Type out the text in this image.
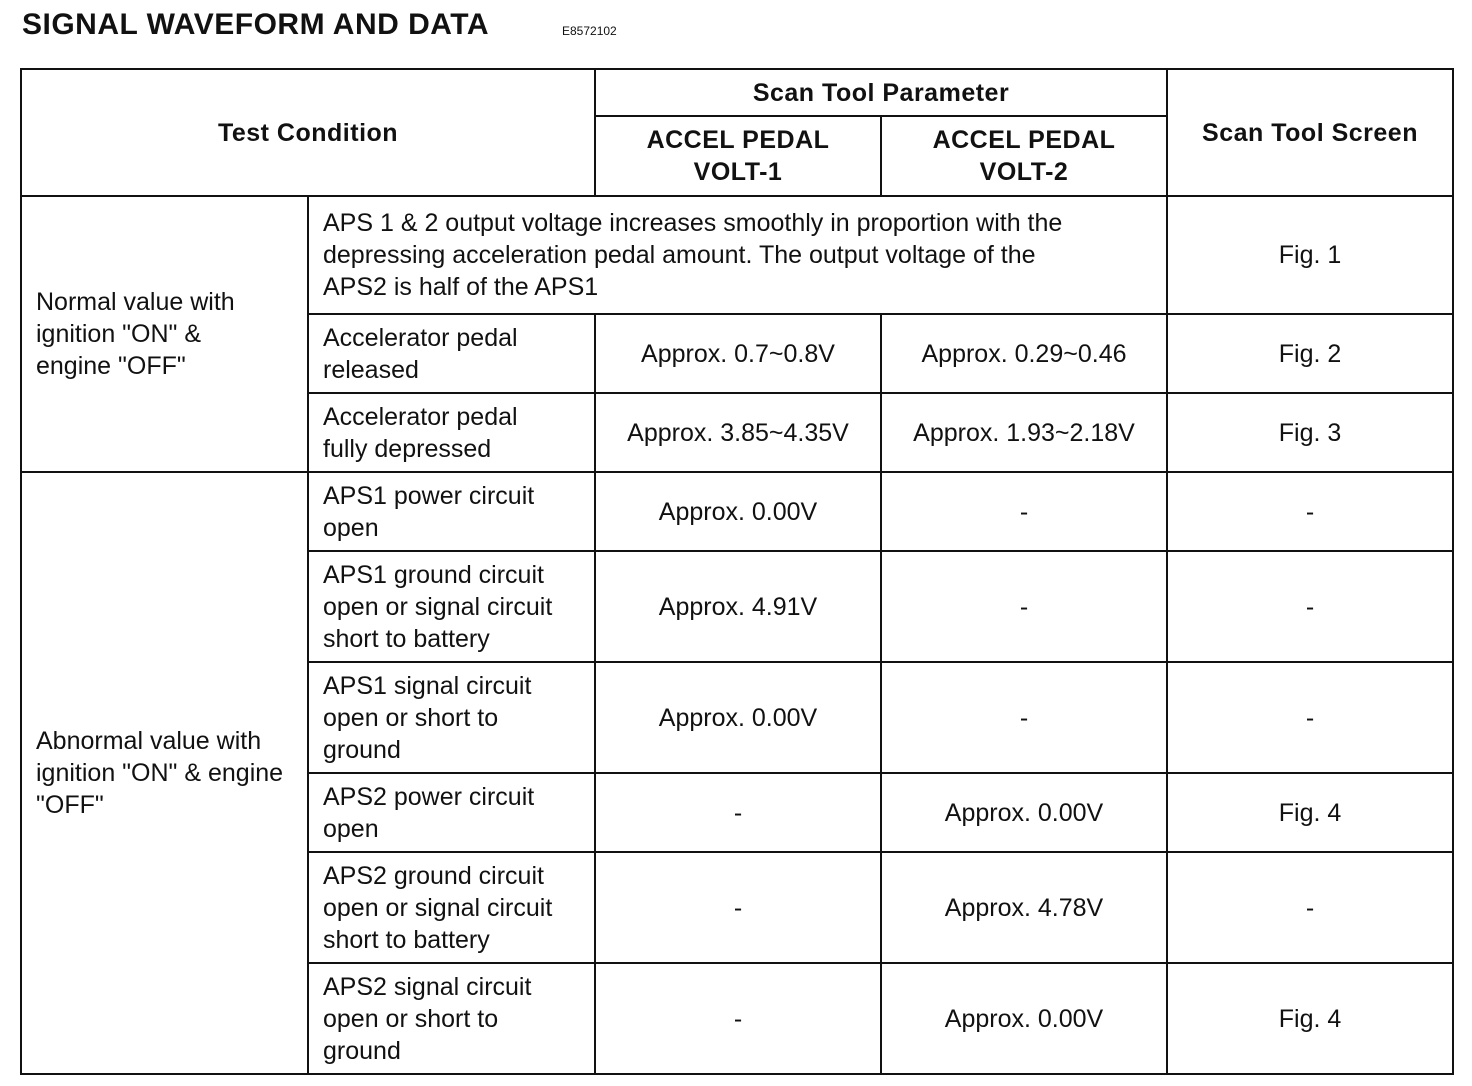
SIGNAL WAVEFORM AND DATA	E8572102
Test Condition		Scan Tool Parameter		Scan Tool Screen

		ACCEL PEDAL VOLT-1	ACCEL PEDAL VOLT-2	

Normal value with ignition "ON" & engine "OFF"	APS 1 & 2 output voltage increases smoothly in proportion with the depressing acceleration pedal amount. The output voltage of the APS2 is half of the APS1			Fig. 1

	Accelerator pedal released	Approx. 0.7~0.8V	Approx. 0.29~0.46	Fig. 2

	Accelerator pedal fully depressed	Approx. 3.85~4.35V	Approx. 1.93~2.18V	Fig. 3

Abnormal value with ignition "ON" & engine "OFF"	APS1 power circuit open	Approx. 0.00V	-	-

	APS1 ground circuit open or signal circuit short to battery	Approx. 4.91V	-	-

	APS1 signal circuit open or short to ground	Approx. 0.00V	-	-

	APS2 power circuit open	-	Approx. 0.00V	Fig. 4

	APS2 ground circuit open or signal circuit short to battery	-	Approx. 4.78V	-

	APS2 signal circuit open or short to ground	-	Approx. 0.00V	Fig. 4
